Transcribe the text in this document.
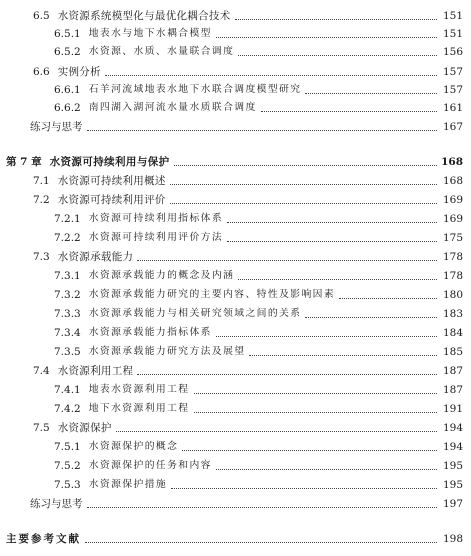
6.5 水资源系统模型化与最优化耦合技术	151
6.5.1 地表水与地下水耦合模型	151
6.5.2 水资源、水质、水量联合调度	156
6.6 实例分析	157
6.6.1 石羊河流域地表水地下水联合调度模型研究	157
6.6.2 南四湖入湖河流水量水质联合调度	161
练习与思考	167
第 7 章 水资源可持续利用与保护	168
7.1 水资源可持续利用概述	168
7.2 水资源可持续利用评价	169
7.2.1 水资源可持续利用指标体系	169
7.2.2 水资源可持续利用评价方法	175
7.3 水资源承载能力	178
7.3.1 水资源承载能力的概念及内涵	178
7.3.2 水资源承载能力研究的主要内容、特性及影响因素	180
7.3.3 水资源承载能力与相关研究领域之间的关系	183
7.3.4 水资源承载能力指标体系	184
7.3.5 水资源承载能力研究方法及展望	185
7.4 水资源利用工程	187
7.4.1 地表水资源利用工程	187
7.4.2 地下水资源利用工程	191
7.5 水资源保护	194
7.5.1 水资源保护的概念	194
7.5.2 水资源保护的任务和内容	195
7.5.3 水资源保护措施	195
练习与思考	197
主要参考文献	198
